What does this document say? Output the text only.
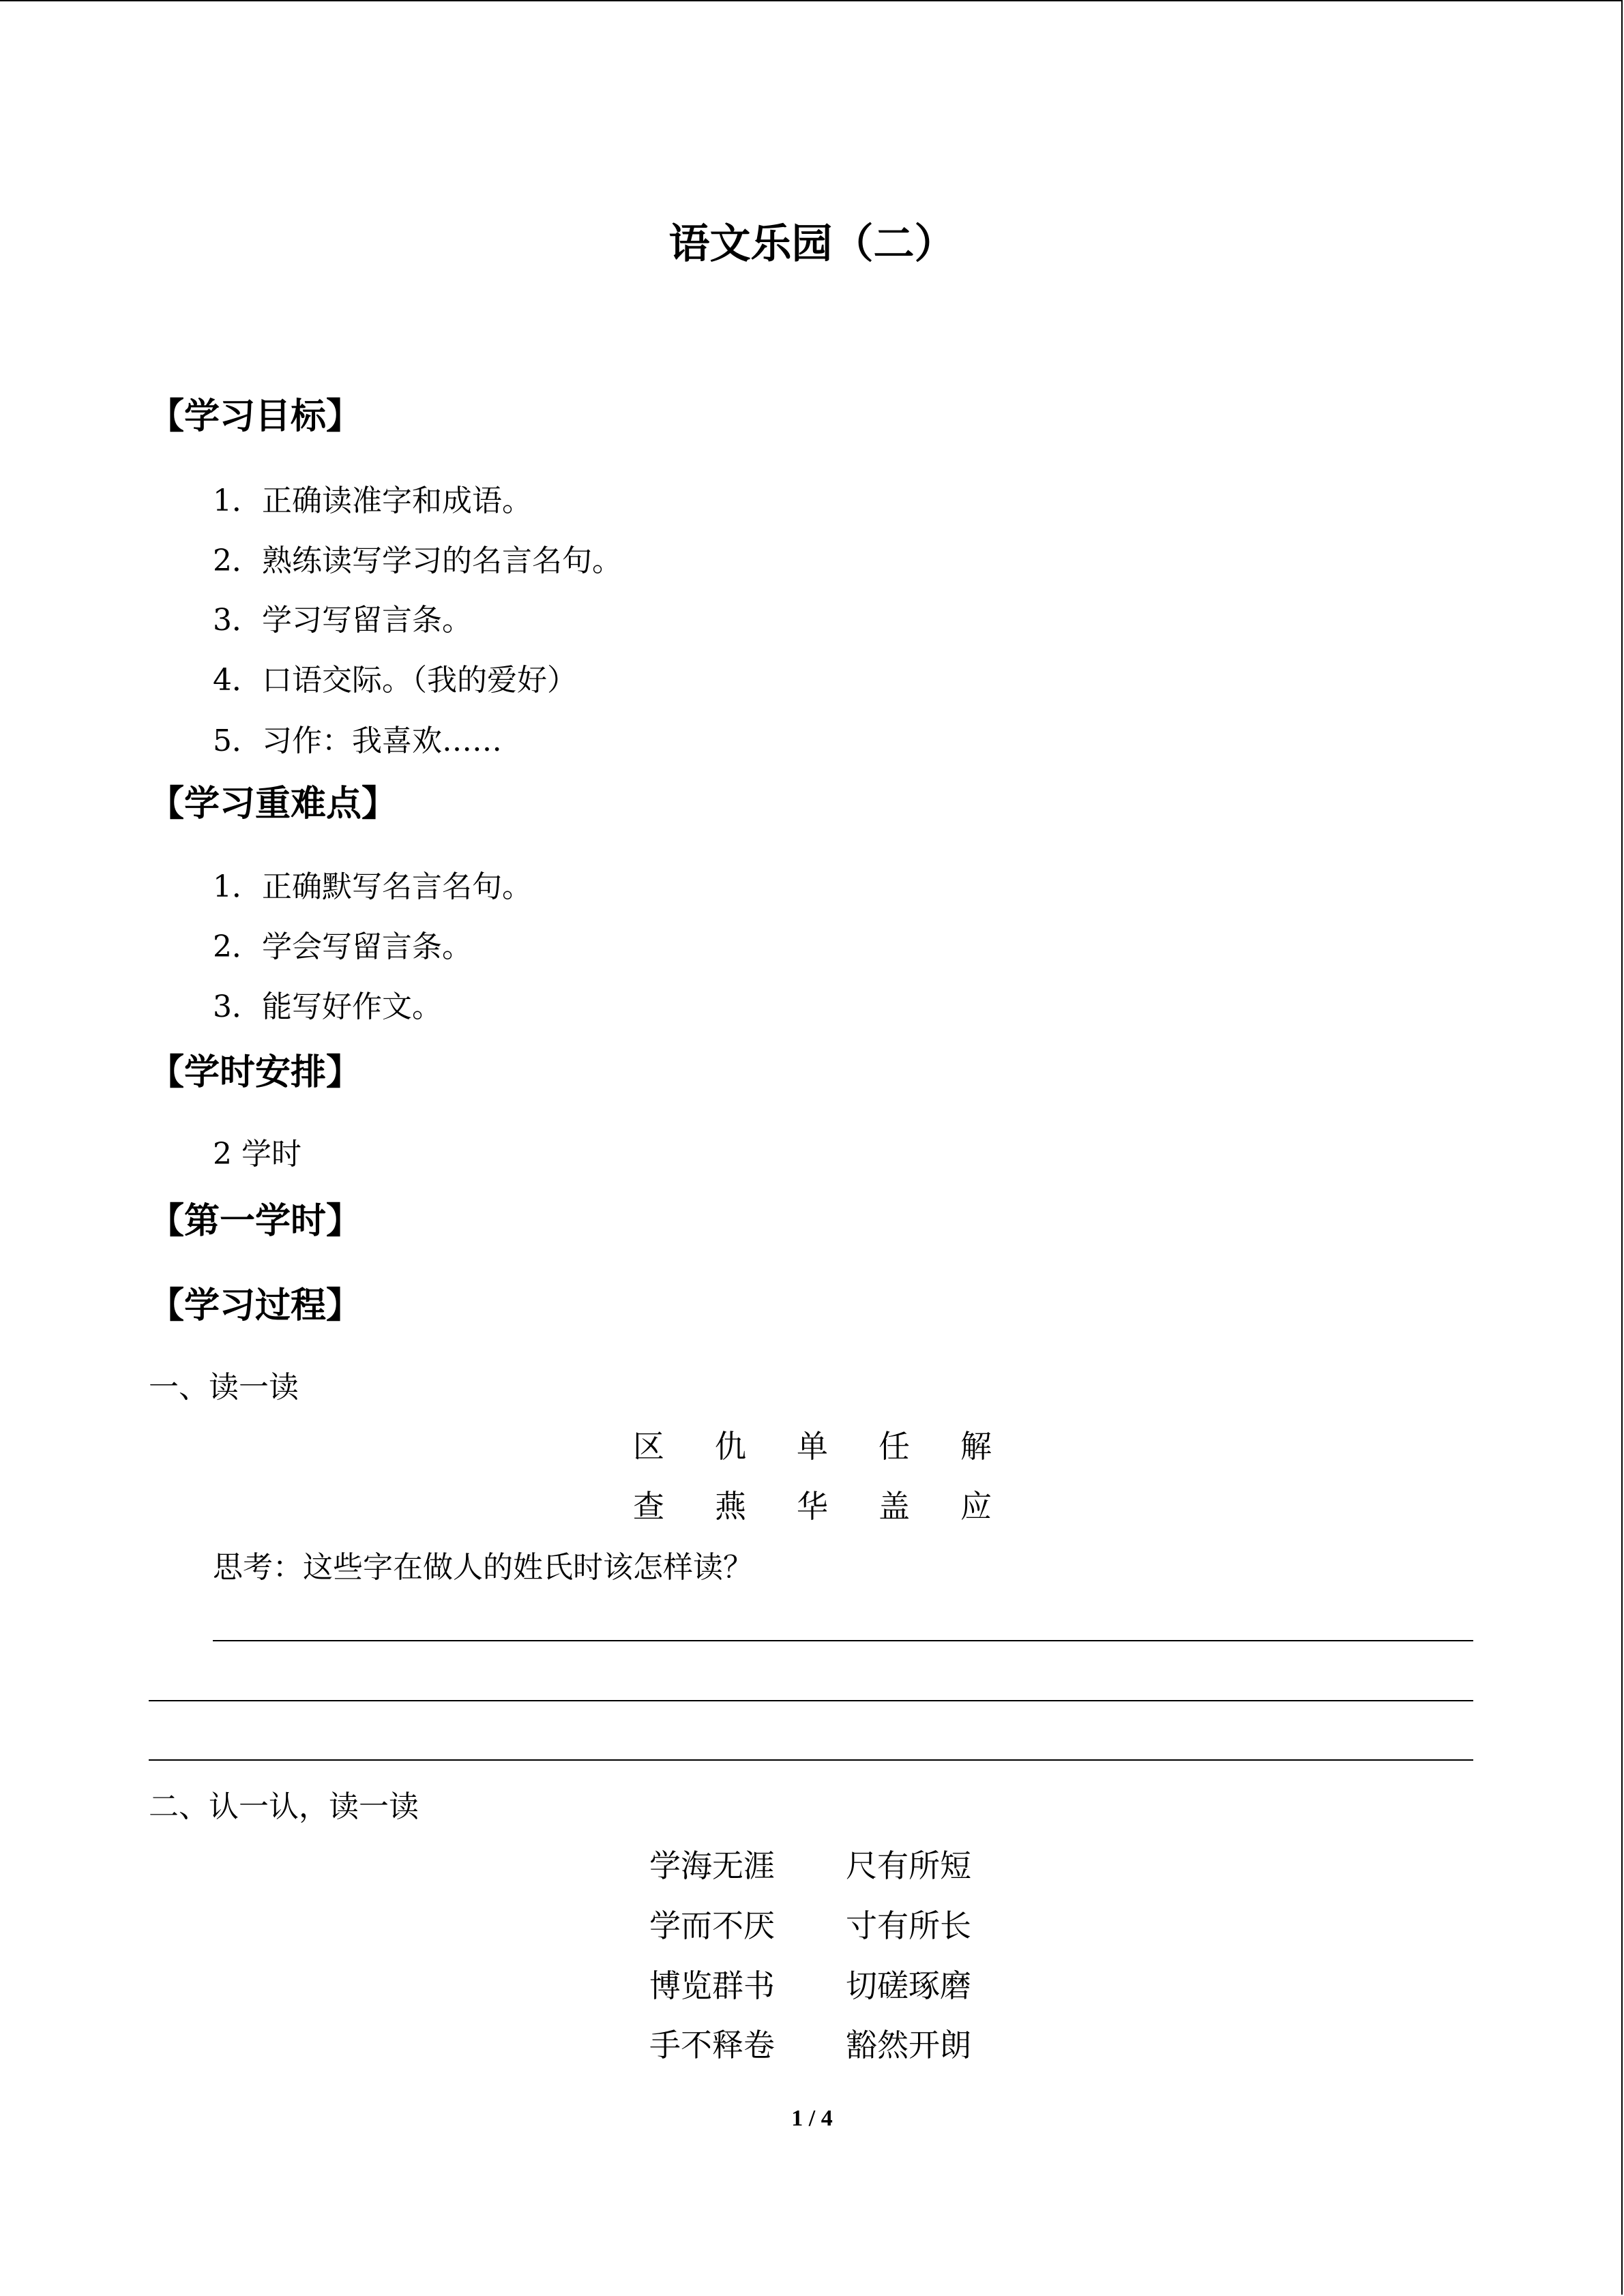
语文乐园（二）
【学习目标】
1．正确读准字和成语。
2．熟练读写学习的名言名句。
3．学习写留言条。
4．口语交际。（我的爱好）
5．习作：我喜欢……
【学习重难点】
1．正确默写名言名句。
2．学会写留言条。
3．能写好作文。
【学时安排】
2 学时
【第一学时】
【学习过程】
一、读一读
区 仇 单 任 解
查 燕 华 盖 应
思考：这些字在做人的姓氏时该怎样读？
二、认一认，读一读
学海无涯 尺有所短
学而不厌 寸有所长
博览群书 切磋琢磨
手不释卷 豁然开朗
1 / 4
